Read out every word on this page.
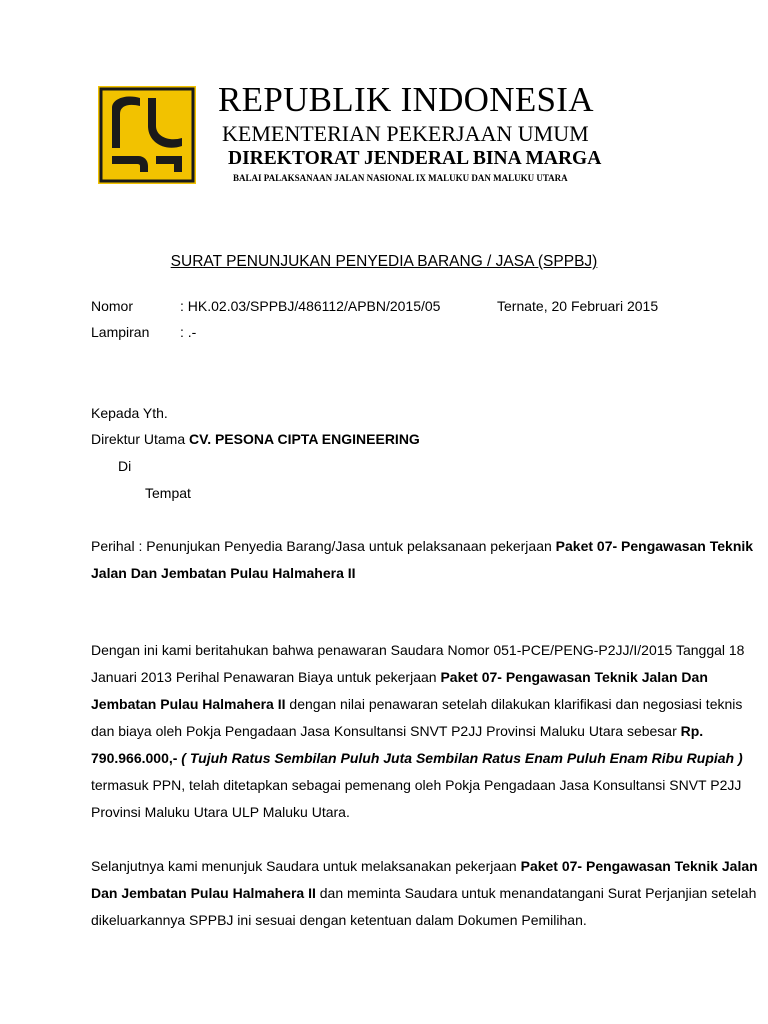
REPUBLIK INDONESIA
KEMENTERIAN PEKERJAAN UMUM
DIREKTORAT JENDERAL BINA MARGA
BALAI PALAKSANAAN JALAN NASIONAL IX MALUKU DAN MALUKU UTARA
SURAT PENUNJUKAN PENYEDIA BARANG / JASA (SPPBJ)
Nomor	: HK.02.03/SPPBJ/486112/APBN/2015/05	Ternate, 20 Februari 2015
Lampiran : .-
Kepada Yth.
Direktur Utama CV. PESONA CIPTA ENGINEERING
Di
Tempat
Perihal : Penunjukan Penyedia Barang/Jasa untuk pelaksanaan pekerjaan Paket 07- Pengawasan Teknik
Jalan Dan Jembatan Pulau Halmahera II
Dengan ini kami beritahukan bahwa penawaran Saudara Nomor 051-PCE/PENG-P2JJ/I/2015 Tanggal 18
Januari 2013 Perihal Penawaran Biaya untuk pekerjaan Paket 07- Pengawasan Teknik Jalan Dan
Jembatan Pulau Halmahera II dengan nilai penawaran setelah dilakukan klarifikasi dan negosiasi teknis
dan biaya oleh Pokja Pengadaan Jasa Konsultansi SNVT P2JJ Provinsi Maluku Utara sebesar Rp.
790.966.000,- ( Tujuh Ratus Sembilan Puluh Juta Sembilan Ratus Enam Puluh Enam Ribu Rupiah )
termasuk PPN, telah ditetapkan sebagai pemenang oleh Pokja Pengadaan Jasa Konsultansi SNVT P2JJ
Provinsi Maluku Utara ULP Maluku Utara.
Selanjutnya kami menunjuk Saudara untuk melaksanakan pekerjaan Paket 07- Pengawasan Teknik Jalan
Dan Jembatan Pulau Halmahera II dan meminta Saudara untuk menandatangani Surat Perjanjian setelah
dikeluarkannya SPPBJ ini sesuai dengan ketentuan dalam Dokumen Pemilihan.
